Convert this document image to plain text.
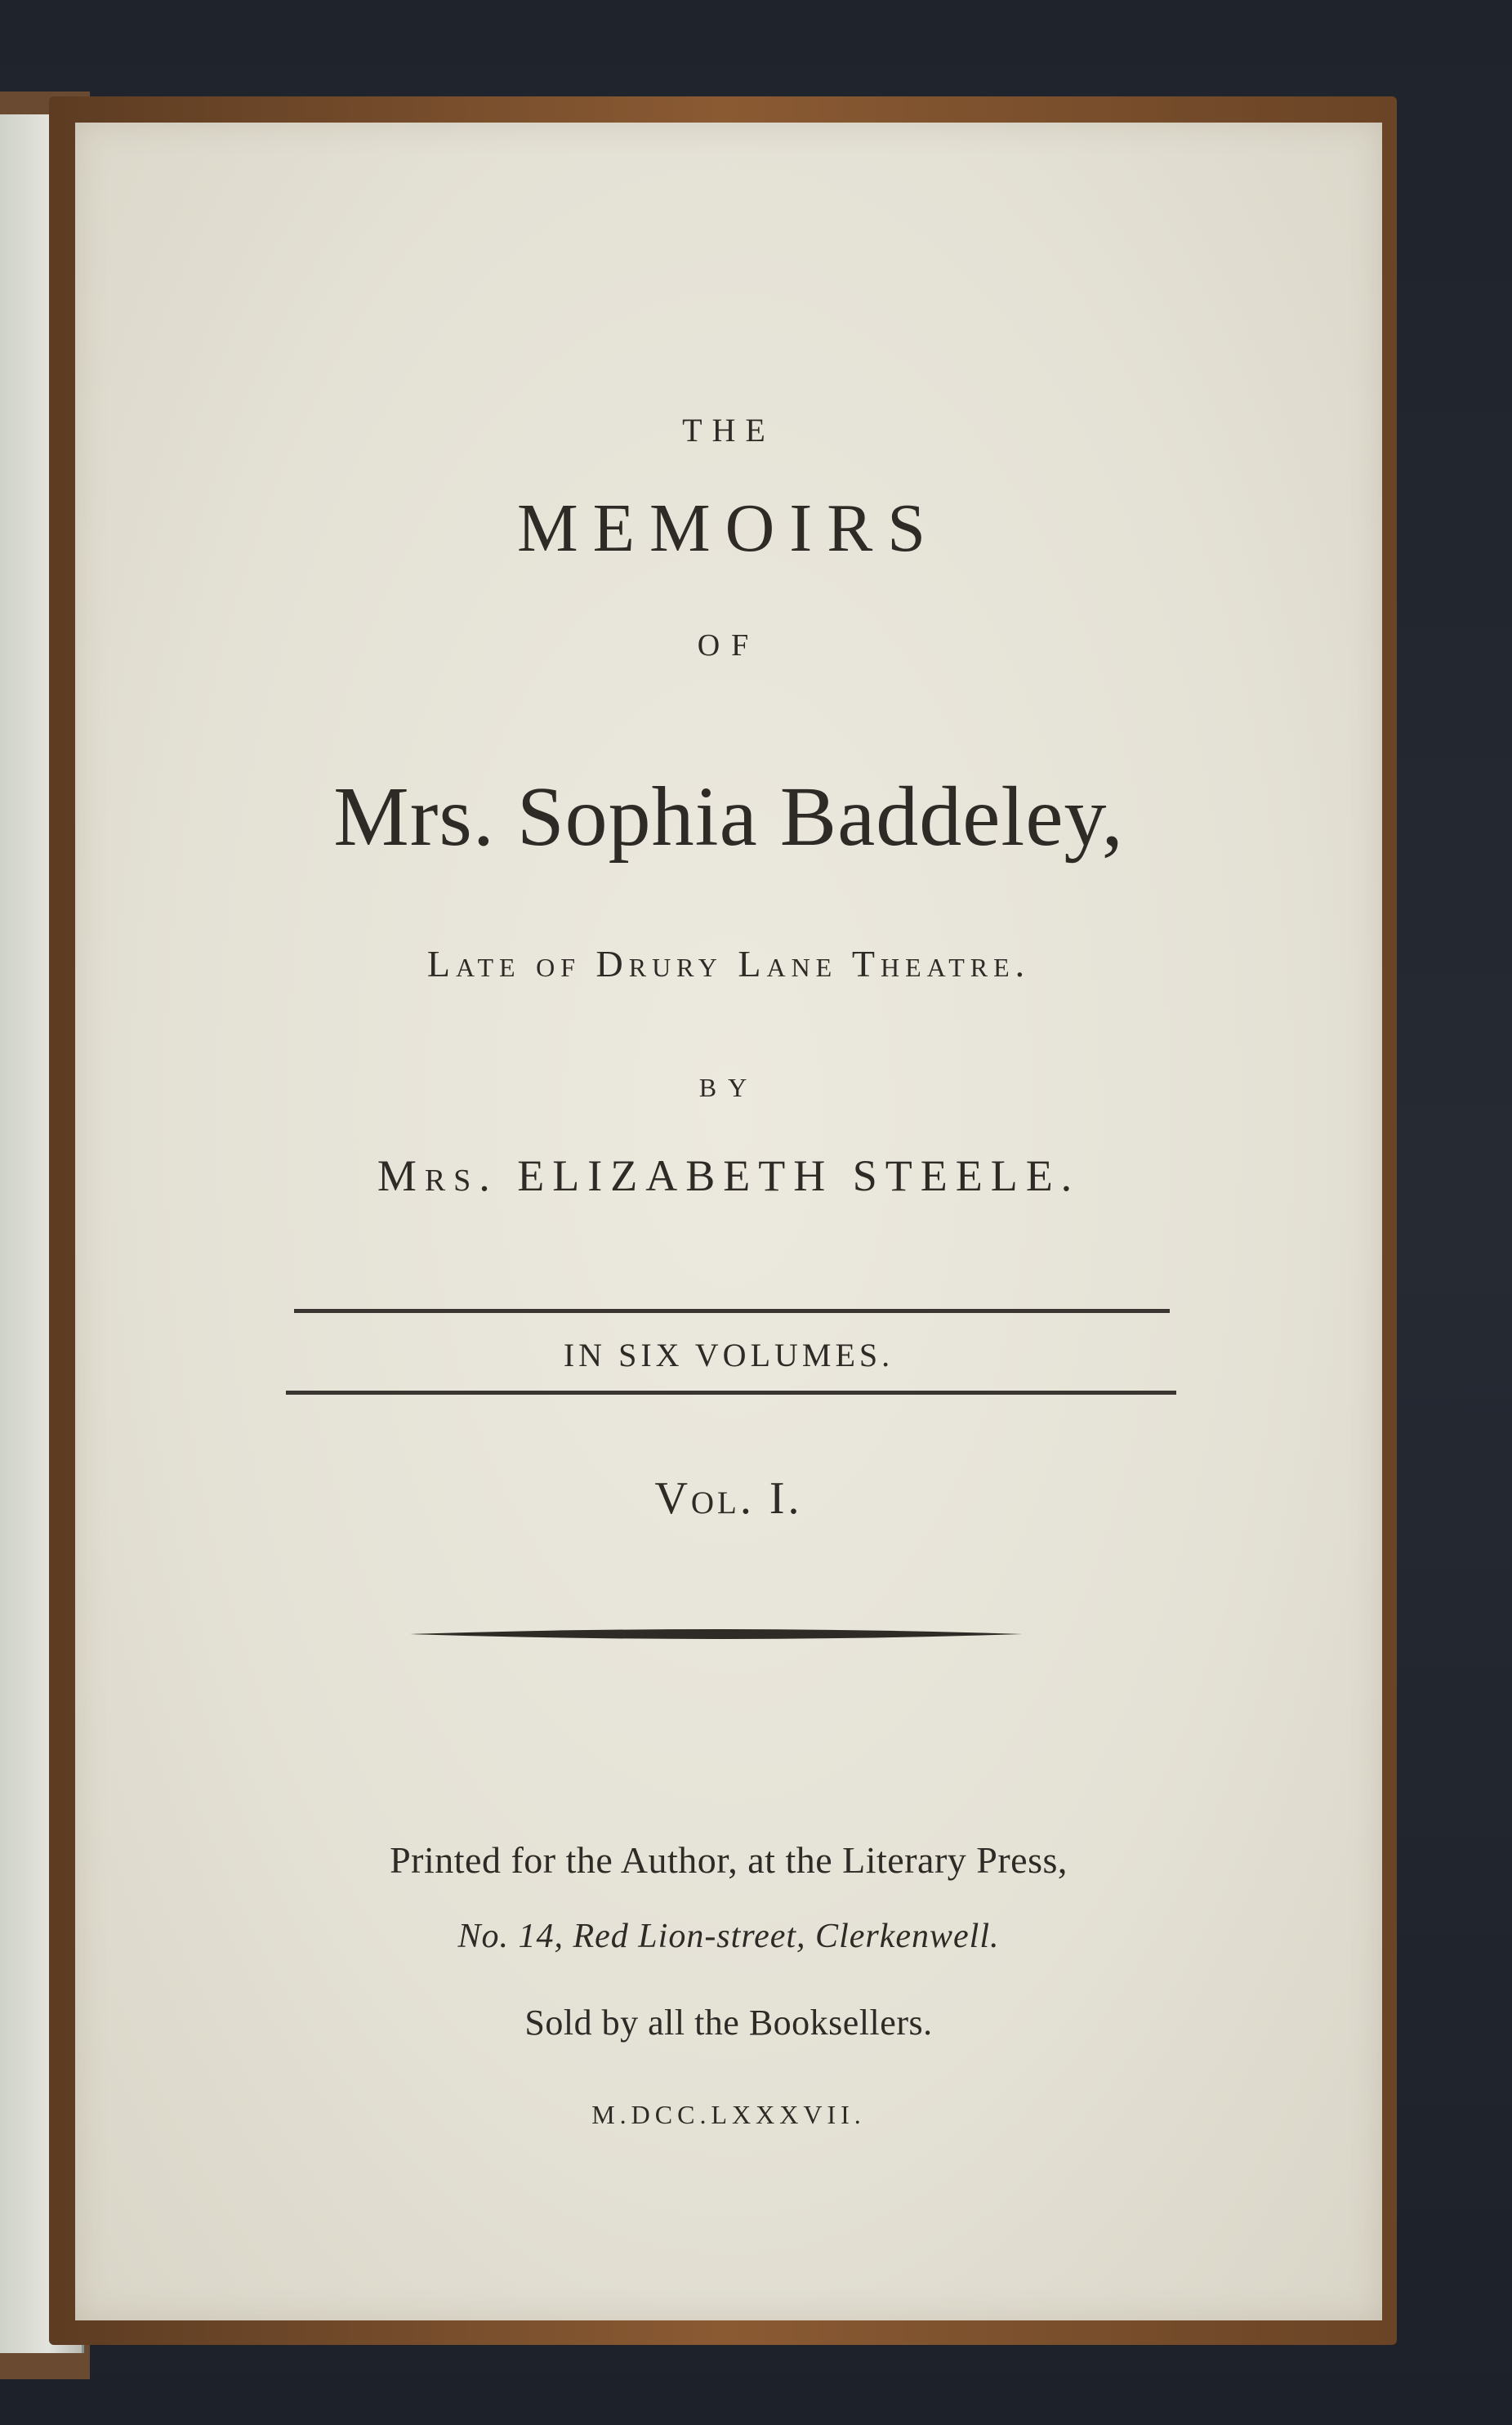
THE
MEMOIRS
OF
Mrs. Sophia Baddeley,
Late of Drury Lane Theatre.
BY
Mrs. ELIZABETH STEELE.
IN SIX VOLUMES.
Vol. I.
Printed for the Author, at the Literary Press,
No. 14, Red Lion-street, Clerkenwell.
Sold by all the Booksellers.
M.DCC.LXXXVII.
